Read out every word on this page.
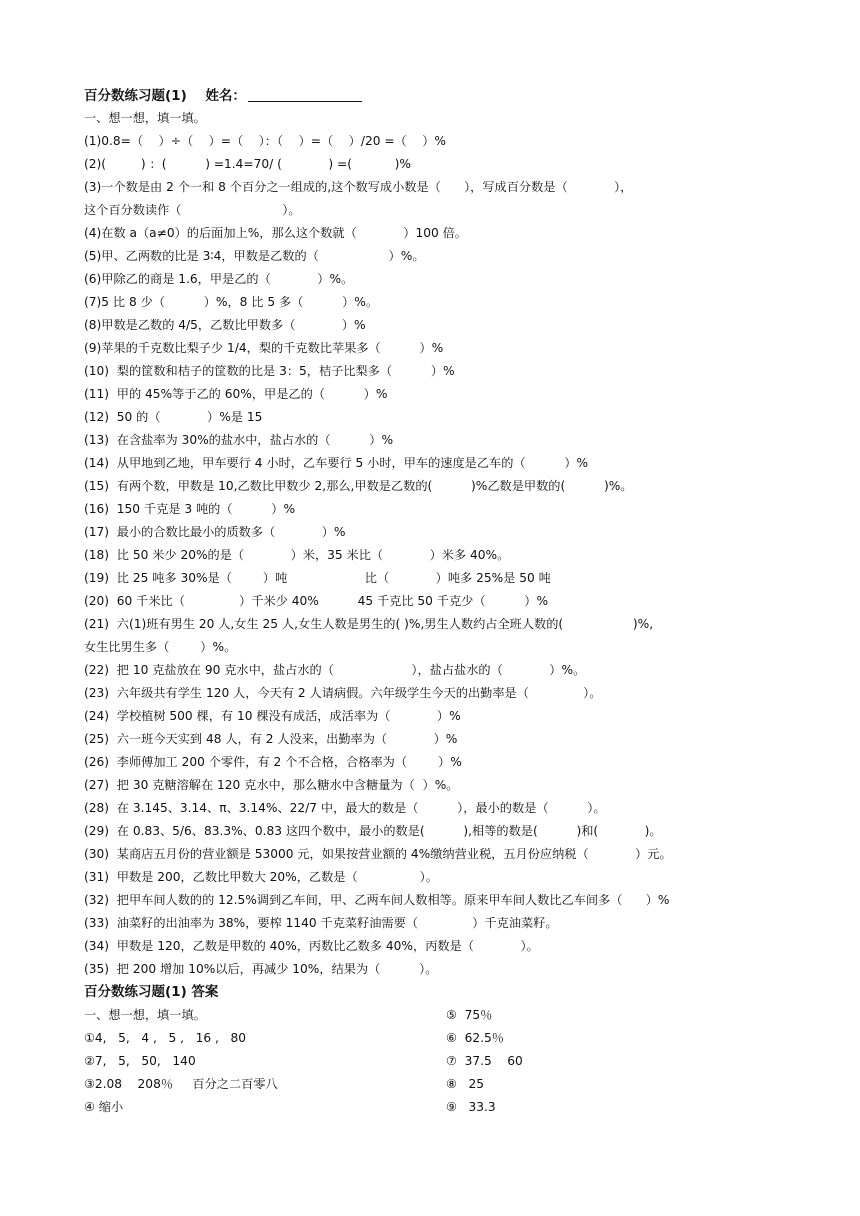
百分数练习题(1) 姓名：
一、想一想，填一填。
(1)0.8=（    ）÷（    ）=（    ）：（    ）=（    ）/20 =（    ）%
(2)(         ) ：(          ) =1.4=70/ (            ) =(           )%
(3)一个数是由 2 个一和 8 个百分之一组成的,这个数写成小数是（      ），写成百分数是（            ），
这个百分数读作（                          ）。
(4)在数 a（a≠0）的后面加上%，那么这个数就（            ）100 倍。
(5)甲、乙两数的比是 3∶4，甲数是乙数的（                  ）%。
(6)甲除乙的商是 1.6，甲是乙的（            ）%。
(7)5 比 8 少（          ）%，8 比 5 多（          ）%。
(8)甲数是乙数的 4/5，乙数比甲数多（            ）%
(9)苹果的千克数比梨子少 1/4，梨的千克数比苹果多（          ）%
(10)  梨的筐数和桔子的筐数的比是 3：5，桔子比梨多（          ）%
(11)  甲的 45%等于乙的 60%，甲是乙的（          ）%
(12)  50 的（            ）%是 15
(13)  在含盐率为 30%的盐水中，盐占水的（          ）%
(14)  从甲地到乙地，甲车要行 4 小时，乙车要行 5 小时，甲车的速度是乙车的（          ）%
(15)  有两个数，甲数是 10,乙数比甲数少 2,那么,甲数是乙数的(          )%乙数是甲数的(          )%。
(16)  150 千克是 3 吨的（          ）%
(17)  最小的合数比最小的质数多（            ）%
(18)  比 50 米少 20%的是（            ）米，35 米比（            ）米多 40%。
(19)  比 25 吨多 30%是（        ）吨                    比（            ）吨多 25%是 50 吨
(20)  60 千米比（              ）千米少 40%          45 千克比 50 千克少（          ）%
(21)  六(1)班有男生 20 人,女生 25 人,女生人数是男生的( )%,男生人数约占全班人数的(                  )%,
女生比男生多（        ）%。
(22)  把 10 克盐放在 90 克水中，盐占水的（                    ），盐占盐水的（            ）%。
(23)  六年级共有学生 120 人，今天有 2 人请病假。六年级学生今天的出勤率是（              ）。
(24)  学校植树 500 棵，有 10 棵没有成活，成活率为（            ）%
(25)  六一班今天实到 48 人，有 2 人没来，出勤率为（            ）%
(26)  李师傅加工 200 个零件，有 2 个不合格，合格率为（        ）%
(27)  把 30 克糖溶解在 120 克水中，那么糖水中含糖量为（  ）%。
(28)  在 3.145、3.14、π、3.14%、22/7 中，最大的数是（          ），最小的数是（          ）。
(29)  在 0.83、5/6、83.3%、0.83 这四个数中，最小的数是(          ),相等的数是(          )和(            )。
(30)  某商店五月份的营业额是 53000 元，如果按营业额的 4%缴纳营业税，五月份应纳税（            ）元。
(31)  甲数是 200，乙数比甲数大 20%，乙数是（                ）。
(32)  把甲车间人数的的 12.5%调到乙车间，甲、乙两车间人数相等。原来甲车间人数比乙车间多（      ）%
(33)  油菜籽的出油率为 38%，要榨 1140 千克菜籽油需要（              ）千克油菜籽。
(34)  甲数是 120，乙数是甲数的 40%，丙数比乙数多 40%，丙数是（            ）。
(35)  把 200 增加 10%以后，再减少 10%，结果为（          ）。
百分数练习题(1) 答案
一、想一想，填一填。
①4,   5,   4 ,   5 ,   16 ,   80
②7,   5,   50,   140
③2.08    208％     百分之二百零八
④ 缩小
⑤  75％
⑥  62.5％
⑦  37.5    60
⑧   25
⑨   33.3
